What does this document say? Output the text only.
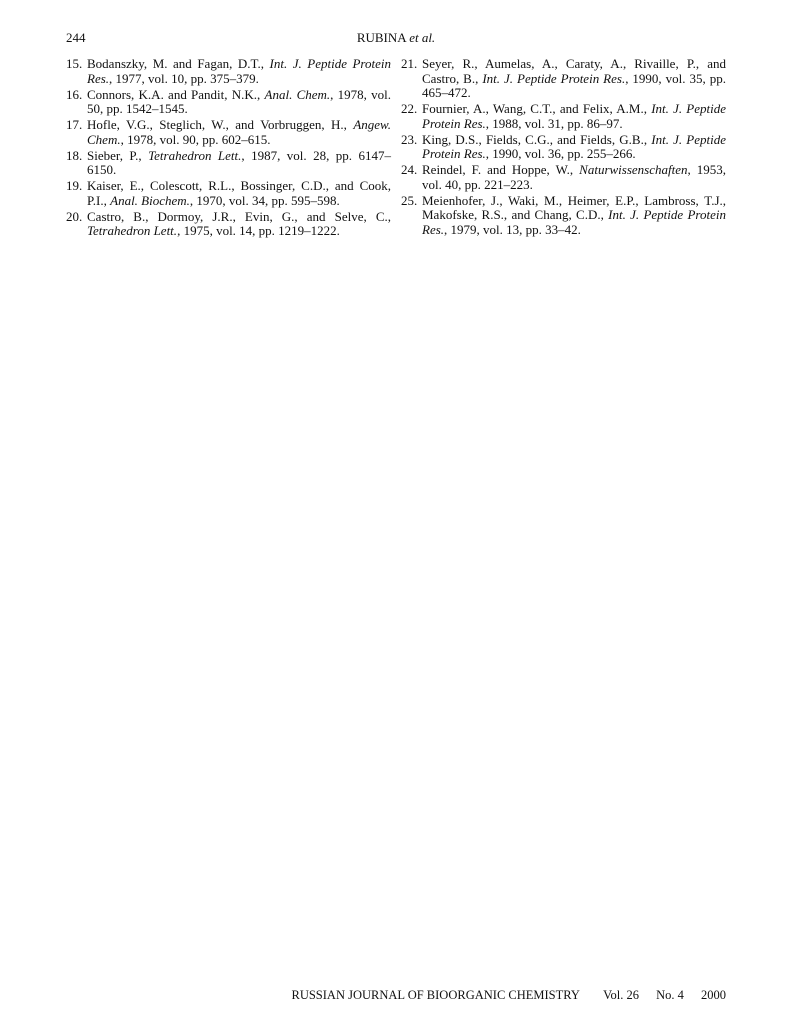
244	RUBINA et al.
15. Bodanszky, M. and Fagan, D.T., Int. J. Peptide Protein Res., 1977, vol. 10, pp. 375–379.
16. Connors, K.A. and Pandit, N.K., Anal. Chem., 1978, vol. 50, pp. 1542–1545.
17. Hofle, V.G., Steglich, W., and Vorbruggen, H., Angew. Chem., 1978, vol. 90, pp. 602–615.
18. Sieber, P., Tetrahedron Lett., 1987, vol. 28, pp. 6147–6150.
19. Kaiser, E., Colescott, R.L., Bossinger, C.D., and Cook, P.I., Anal. Biochem., 1970, vol. 34, pp. 595–598.
20. Castro, B., Dormoy, J.R., Evin, G., and Selve, C., Tetrahedron Lett., 1975, vol. 14, pp. 1219–1222.
21. Seyer, R., Aumelas, A., Caraty, A., Rivaille, P., and Castro, B., Int. J. Peptide Protein Res., 1990, vol. 35, pp. 465–472.
22. Fournier, A., Wang, C.T., and Felix, A.M., Int. J. Peptide Protein Res., 1988, vol. 31, pp. 86–97.
23. King, D.S., Fields, C.G., and Fields, G.B., Int. J. Peptide Protein Res., 1990, vol. 36, pp. 255–266.
24. Reindel, F. and Hoppe, W., Naturwissenschaften, 1953, vol. 40, pp. 221–223.
25. Meienhofer, J., Waki, M., Heimer, E.P., Lambross, T.J., Makofske, R.S., and Chang, C.D., Int. J. Peptide Protein Res., 1979, vol. 13, pp. 33–42.
RUSSIAN JOURNAL OF BIOORGANIC CHEMISTRY Vol. 26 No. 4 2000
